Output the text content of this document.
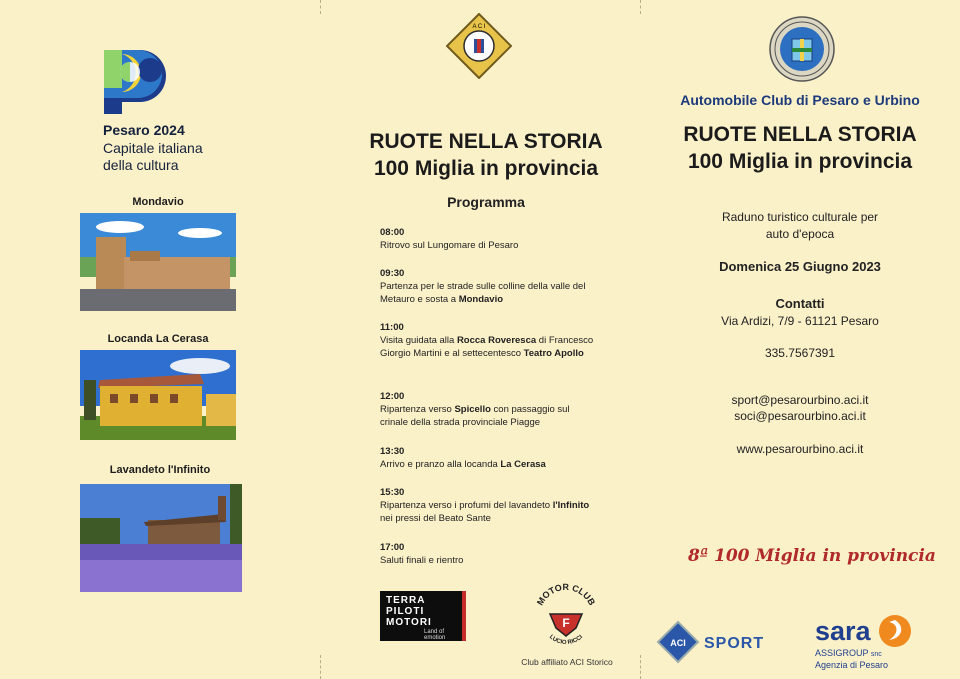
Pesaro 2024
Capitale italiana
della cultura
Mondavio
Locanda La Cerasa
Lavandeto l'Infinito
A C I
RUOTE NELLA STORIA
100 Miglia in provincia
Programma
08:00
Ritrovo sul Lungomare di Pesaro
09:30
Partenza per le strade sulle colline della valle del Metauro e sosta a Mondavio
11:00
Visita guidata alla Rocca Roveresca di Francesco Giorgio Martini e al settecentesco Teatro Apollo
12:00
Ripartenza verso Spicello con passaggio sul crinale della strada provinciale Piagge
13:30
Arrivo e pranzo alla locanda La Cerasa
15:30
Ripartenza verso i profumi del lavandeto l'Infinito nei pressi del Beato Sante
17:00
Saluti finali e rientro
TERRA
PILOTI
MOTORI
Land of emotion
MOTOR CLUB
F
LUCIO RICCI
Club affiliato ACI Storico
Automobile Club di Pesaro e Urbino
RUOTE NELLA STORIA
100 Miglia in provincia
Raduno turistico culturale per
auto d'epoca
Domenica 25 Giugno 2023
Contatti
Via Ardizi, 7/9 - 61121 Pesaro
335.7567391
sport@pesarourbino.aci.it
soci@pesarourbino.aci.it
www.pesarourbino.aci.it
8ª 100 Miglia in provincia
ACI SPORT sara
ASSIGROUP snc
Agenzia di Pesaro
